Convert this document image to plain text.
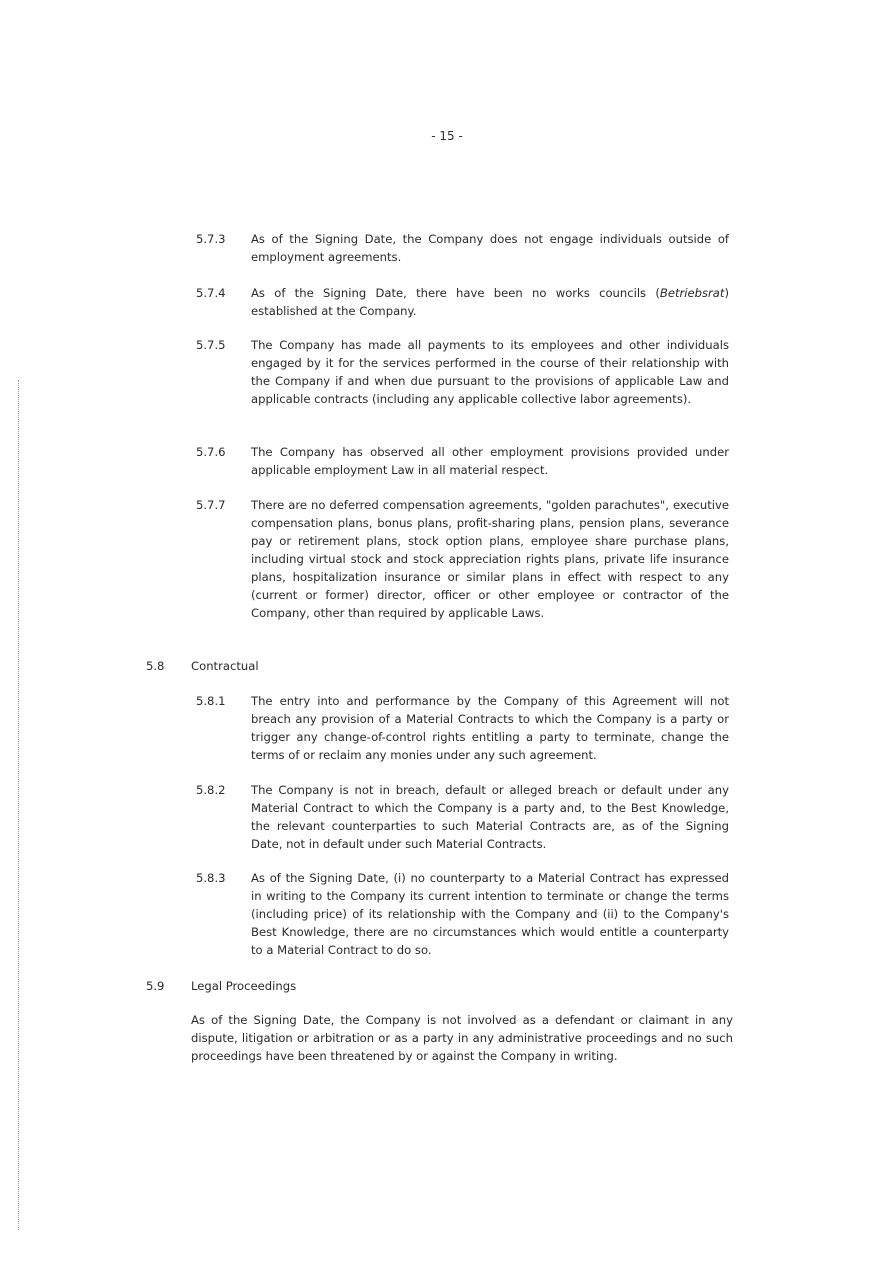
- 15 -
5.7.3 As of the Signing Date, the Company does not engage individuals outside of employment agreements.
5.7.4 As of the Signing Date, there have been no works councils (Betriebsrat) established at the Company.
5.7.5 The Company has made all payments to its employees and other individuals engaged by it for the services performed in the course of their relationship with the Company if and when due pursuant to the provisions of applicable Law and applicable contracts (including any applicable collective labor agreements).
5.7.6 The Company has observed all other employment provisions provided under applicable employment Law in all material respect.
5.7.7 There are no deferred compensation agreements, "golden parachutes", executive compensation plans, bonus plans, profit-sharing plans, pension plans, severance pay or retirement plans, stock option plans, employee share purchase plans, including virtual stock and stock appreciation rights plans, private life insurance plans, hospitalization insurance or similar plans in effect with respect to any (current or former) director, officer or other employee or contractor of the Company, other than required by applicable Laws.
5.8 Contractual
5.8.1 The entry into and performance by the Company of this Agreement will not breach any provision of a Material Contracts to which the Company is a party or trigger any change-of-control rights entitling a party to terminate, change the terms of or reclaim any monies under any such agreement.
5.8.2 The Company is not in breach, default or alleged breach or default under any Material Contract to which the Company is a party and, to the Best Knowledge, the relevant counterparties to such Material Contracts are, as of the Signing Date, not in default under such Material Contracts.
5.8.3 As of the Signing Date, (i) no counterparty to a Material Contract has expressed in writing to the Company its current intention to terminate or change the terms (including price) of its relationship with the Company and (ii) to the Company's Best Knowledge, there are no circumstances which would entitle a counterparty to a Material Contract to do so.
5.9 Legal Proceedings
As of the Signing Date, the Company is not involved as a defendant or claimant in any dispute, litigation or arbitration or as a party in any administrative proceedings and no such proceedings have been threatened by or against the Company in writing.
